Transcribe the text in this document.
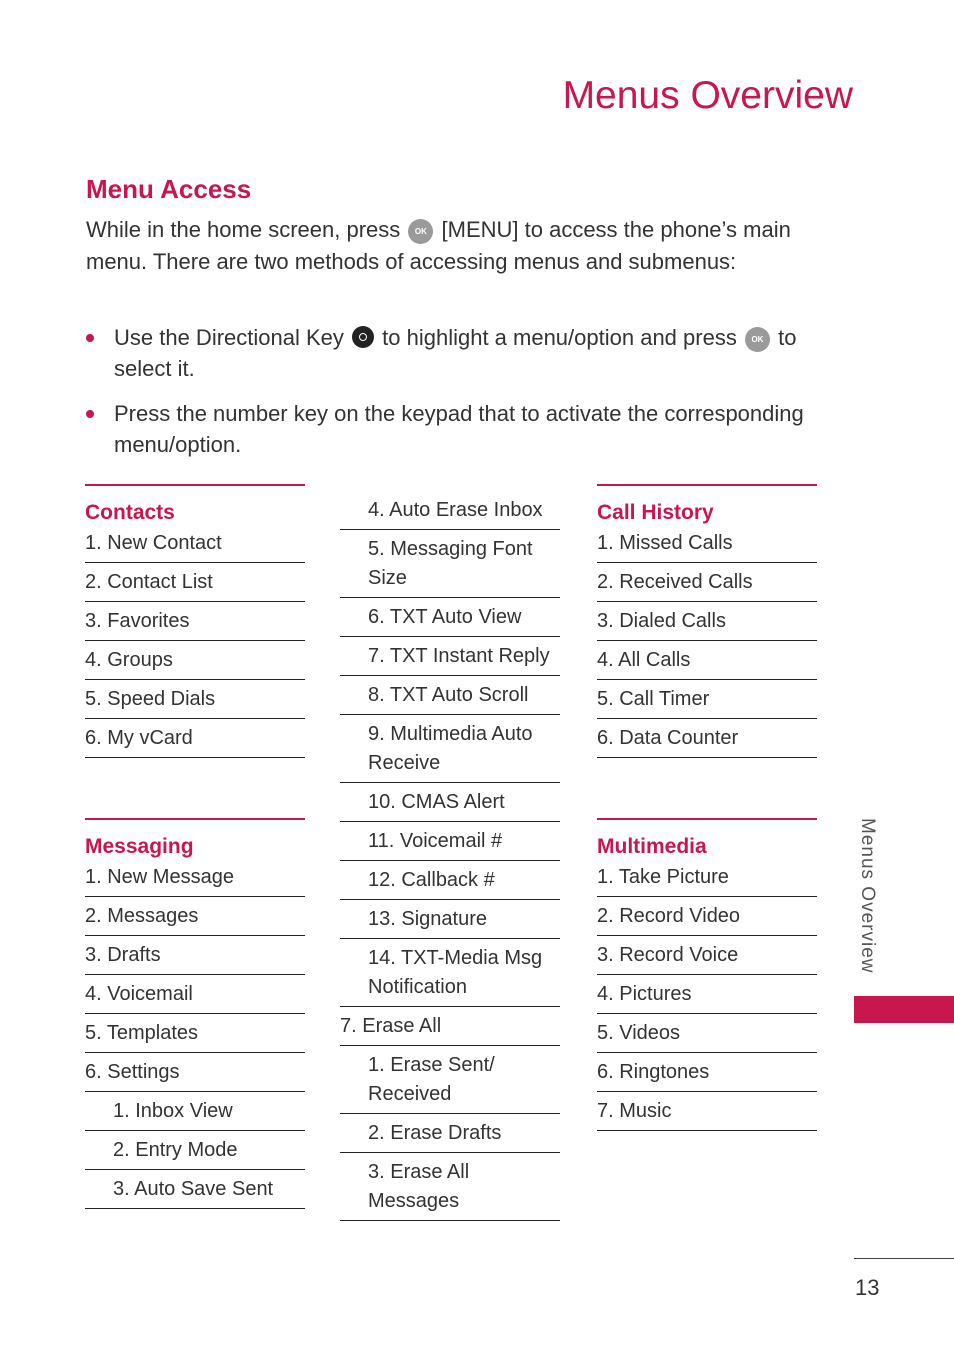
Menus Overview
Menu Access

While in the home screen, press OK [MENU] to access the phone’s main menu. There are two methods of accessing menus and submenus:

Use the Directional Key to highlight a menu/option and press OK to select it.
Press the number key on the keypad that to activate the corresponding menu/option.
Contacts
1. New Contact
2. Contact List
3. Favorites
4. Groups
5. Speed Dials
6. My vCard
Messaging
1. New Message
2. Messages
3. Drafts
4. Voicemail
5. Templates
6. Settings
1. Inbox View
2. Entry Mode
3. Auto Save Sent
4. Auto Erase Inbox
5. Messaging Font Size
6. TXT Auto View
7. TXT Instant Reply
8. TXT Auto Scroll
9. Multimedia Auto Receive
10. CMAS Alert
11. Voicemail #
12. Callback #
13. Signature
14. TXT-Media Msg Notification
7. Erase All
1. Erase Sent/ Received
2. Erase Drafts
3. Erase All Messages
Call History
1. Missed Calls
2. Received Calls
3. Dialed Calls
4. All Calls
5. Call Timer
6. Data Counter
Multimedia
1. Take Picture
2. Record Video
3. Record Voice
4. Pictures
5. Videos
6. Ringtones
7. Music
Menus Overview
13
